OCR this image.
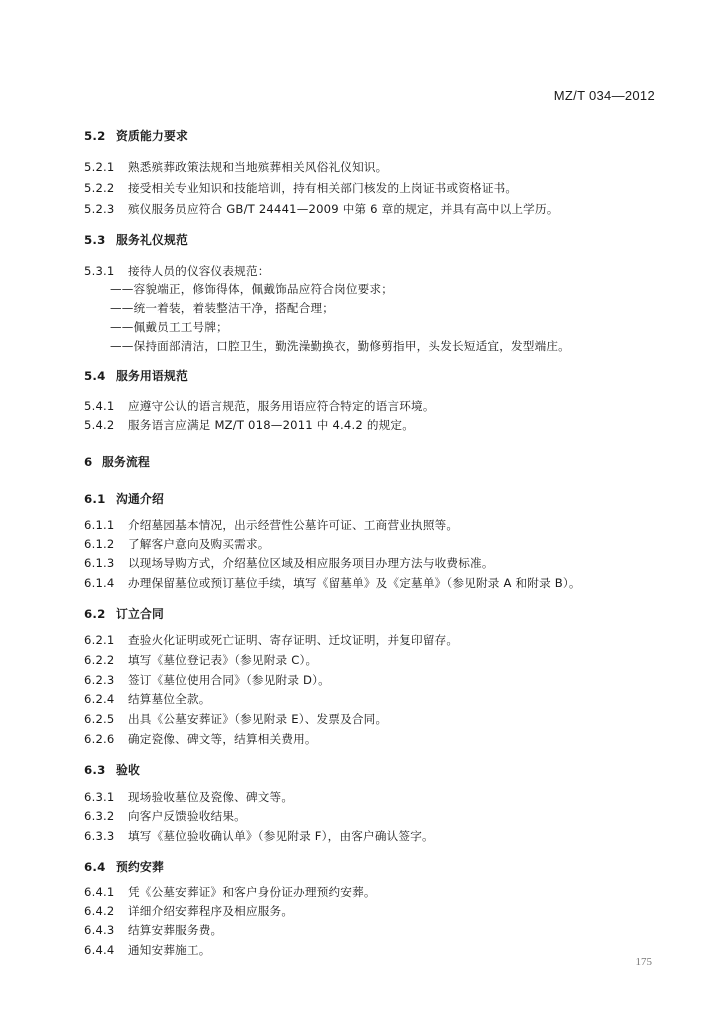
MZ/T 034—2012
5.2 资质能力要求
5.2.1 熟悉殡葬政策法规和当地殡葬相关风俗礼仪知识。
5.2.2 接受相关专业知识和技能培训，持有相关部门核发的上岗证书或资格证书。
5.2.3 殡仪服务员应符合 GB/T 24441—2009 中第 6 章的规定，并具有高中以上学历。
5.3 服务礼仪规范
5.3.1 接待人员的仪容仪表规范：
——容貌端正，修饰得体，佩戴饰品应符合岗位要求；
——统一着装，着装整洁干净，搭配合理；
——佩戴员工工号牌；
——保持面部清洁，口腔卫生，勤洗澡勤换衣，勤修剪指甲，头发长短适宜，发型端庄。
5.4 服务用语规范
5.4.1 应遵守公认的语言规范，服务用语应符合特定的语言环境。
5.4.2 服务语言应满足 MZ/T 018—2011 中 4.4.2 的规定。
6 服务流程
6.1 沟通介绍
6.1.1 介绍墓园基本情况，出示经营性公墓许可证、工商营业执照等。
6.1.2 了解客户意向及购买需求。
6.1.3 以现场导购方式，介绍墓位区域及相应服务项目办理方法与收费标准。
6.1.4 办理保留墓位或预订墓位手续，填写《留墓单》及《定墓单》（参见附录 A 和附录 B）。
6.2 订立合同
6.2.1 查验火化证明或死亡证明、寄存证明、迁坟证明，并复印留存。
6.2.2 填写《墓位登记表》（参见附录 C）。
6.2.3 签订《墓位使用合同》（参见附录 D）。
6.2.4 结算墓位全款。
6.2.5 出具《公墓安葬证》（参见附录 E）、发票及合同。
6.2.6 确定瓷像、碑文等，结算相关费用。
6.3 验收
6.3.1 现场验收墓位及瓷像、碑文等。
6.3.2 向客户反馈验收结果。
6.3.3 填写《墓位验收确认单》（参见附录 F），由客户确认签字。
6.4 预约安葬
6.4.1 凭《公墓安葬证》和客户身份证办理预约安葬。
6.4.2 详细介绍安葬程序及相应服务。
6.4.3 结算安葬服务费。
6.4.4 通知安葬施工。
175
